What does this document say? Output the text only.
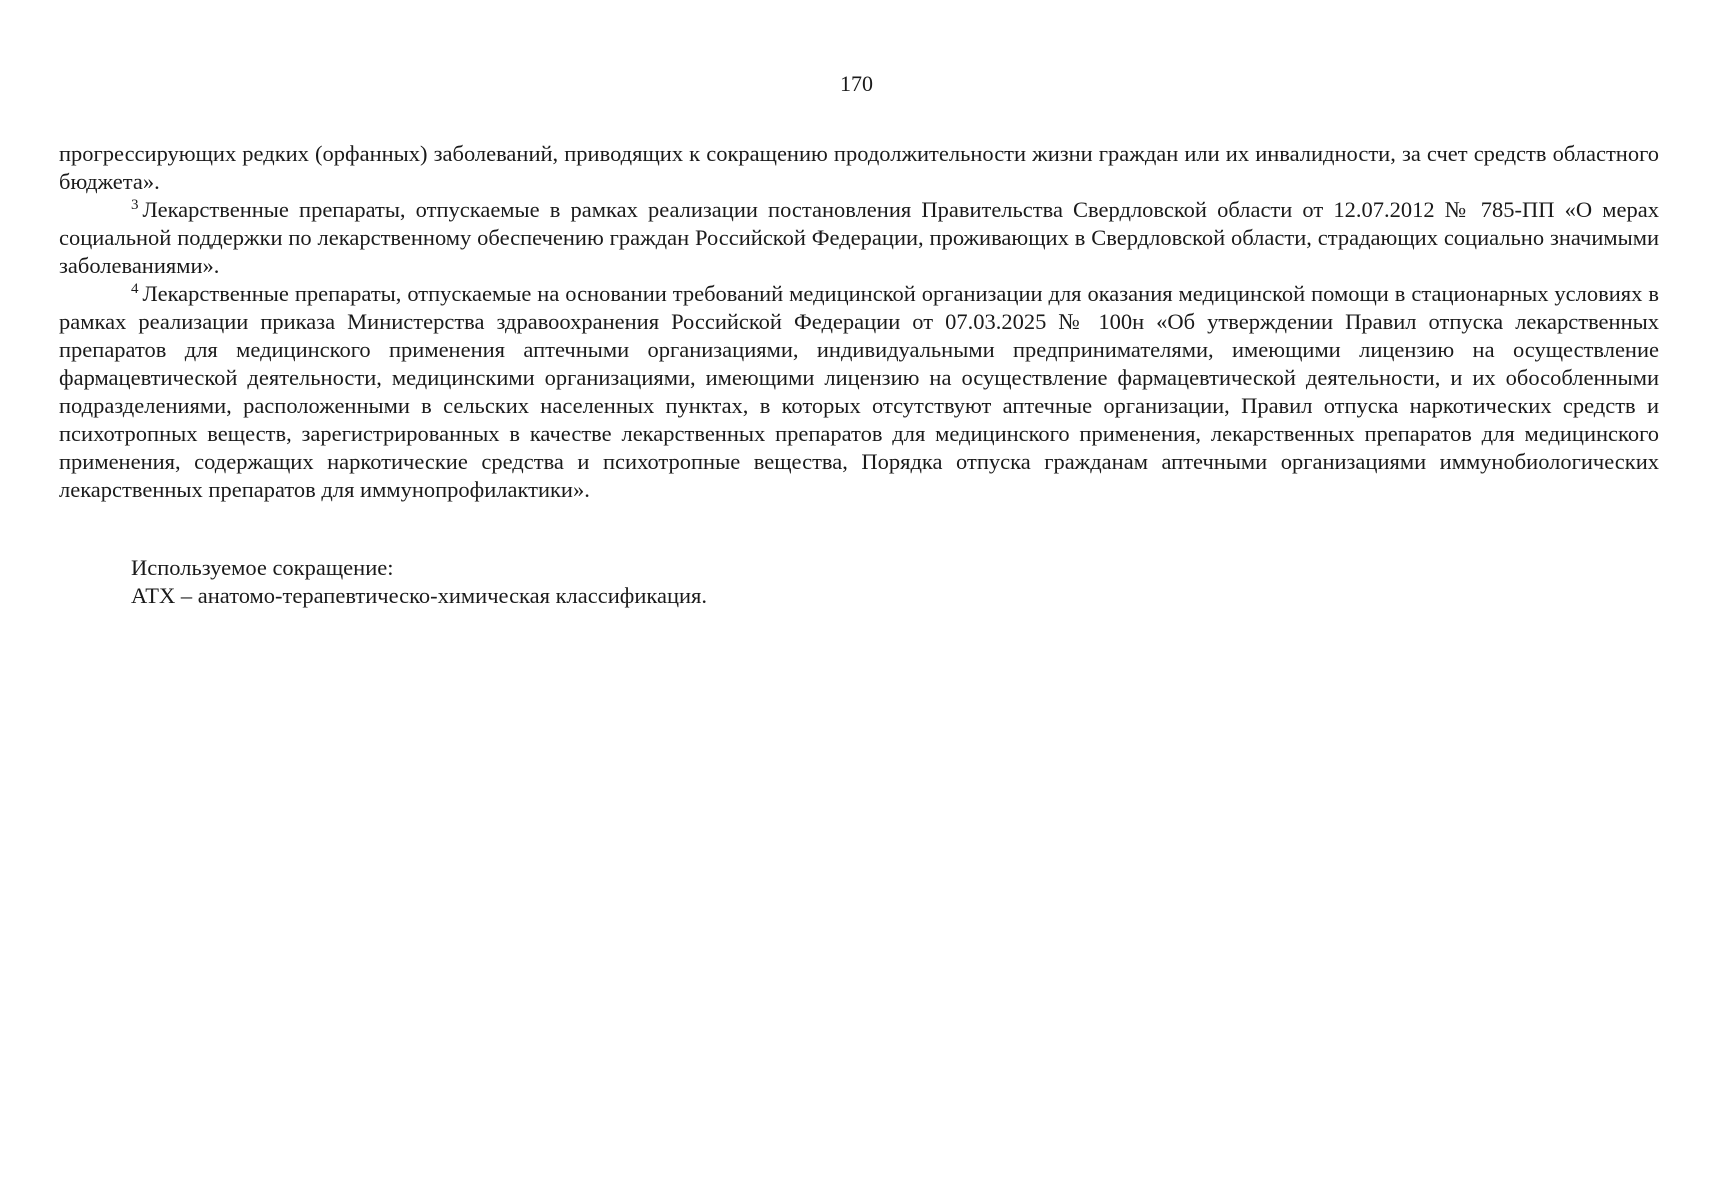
170

прогрессирующих редких (орфанных) заболеваний, приводящих к сокращению продолжительности жизни граждан или их инвалидности, за счет средств областного бюджета».

$^3$ Лекарственные препараты, отпускаемые в рамках реализации постановления Правительства Свердловской области от 12.07.2012 № 785-ПП «О мерах социальной поддержки по лекарственному обеспечению граждан Российской Федерации, проживающих в Свердловской области, страдающих социально значимыми заболеваниями».

$^4$ Лекарственные препараты, отпускаемые на основании требований медицинской организации для оказания медицинской помощи в стационарных условиях в рамках реализации приказа Министерства здравоохранения Российской Федерации от 07.03.2025 № 100н «Об утверждении Правил отпуска лекарственных препаратов для медицинского применения аптечными организациями, индивидуальными предпринимателями, имеющими лицензию на осуществление фармацевтической деятельности, медицинскими организациями, имеющими лицензию на осуществление фармацевтической деятельности, и их обособленными подразделениями, расположенными в сельских населенных пунктах, в которых отсутствуют аптечные организации, Правил отпуска наркотических средств и психотропных веществ, зарегистрированных в качестве лекарственных препаратов для медицинского применения, лекарственных препаратов для медицинского применения, содержащих наркотические средства и психотропные вещества, Порядка отпуска гражданам аптечными организациями иммунобиологических лекарственных препаратов для иммунопрофилактики».

Используемое сокращение:

АТХ – анатомо-терапевтическо-химическая классификация.
